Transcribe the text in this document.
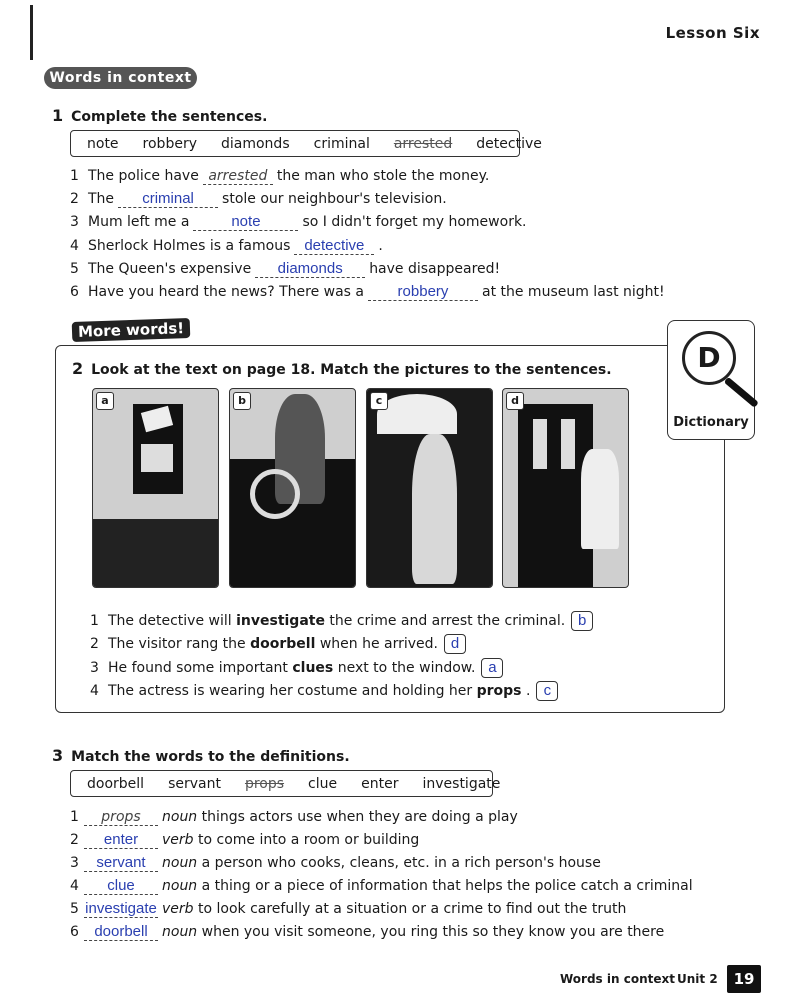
Lesson Six
Words in context
1 Complete the sentences.
note robbery diamonds criminal arrested detective
1 The police have arrested the man who stole the money.
2 The criminal stole our neighbour's television.
3 Mum left me a	note	so I didn't forget my homework.
4 Sherlock Holmes is a famous detective .
5 The Queen's expensive diamonds have disappeared!
6 Have you heard the news? There was a robbery at the museum last night!
More words!
D
Dictionary
2 Look at the text on page 18. Match the pictures to the sentences.
a	b	c	d
1 The detective will investigate the crime and arrest the criminal. b
2 The visitor rang the doorbell when he arrived. d
3 He found some important clues next to the window. a
4 The actress is wearing her costume and holding her props . c
3 Match the words to the definitions.
doorbell servant props clue enter investigate
1 props noun things actors use when they are doing a play
2 enter verb to come into a room or building
3 servant noun a person who cooks, cleans, etc. in a rich person's house
4 clue noun a thing or a piece of information that helps the police catch a criminal
5 investigate verb to look carefully at a situation or a crime to find out the truth
6 doorbell noun when you visit someone, you ring this so they know you are there
Words in context Unit 2	19
